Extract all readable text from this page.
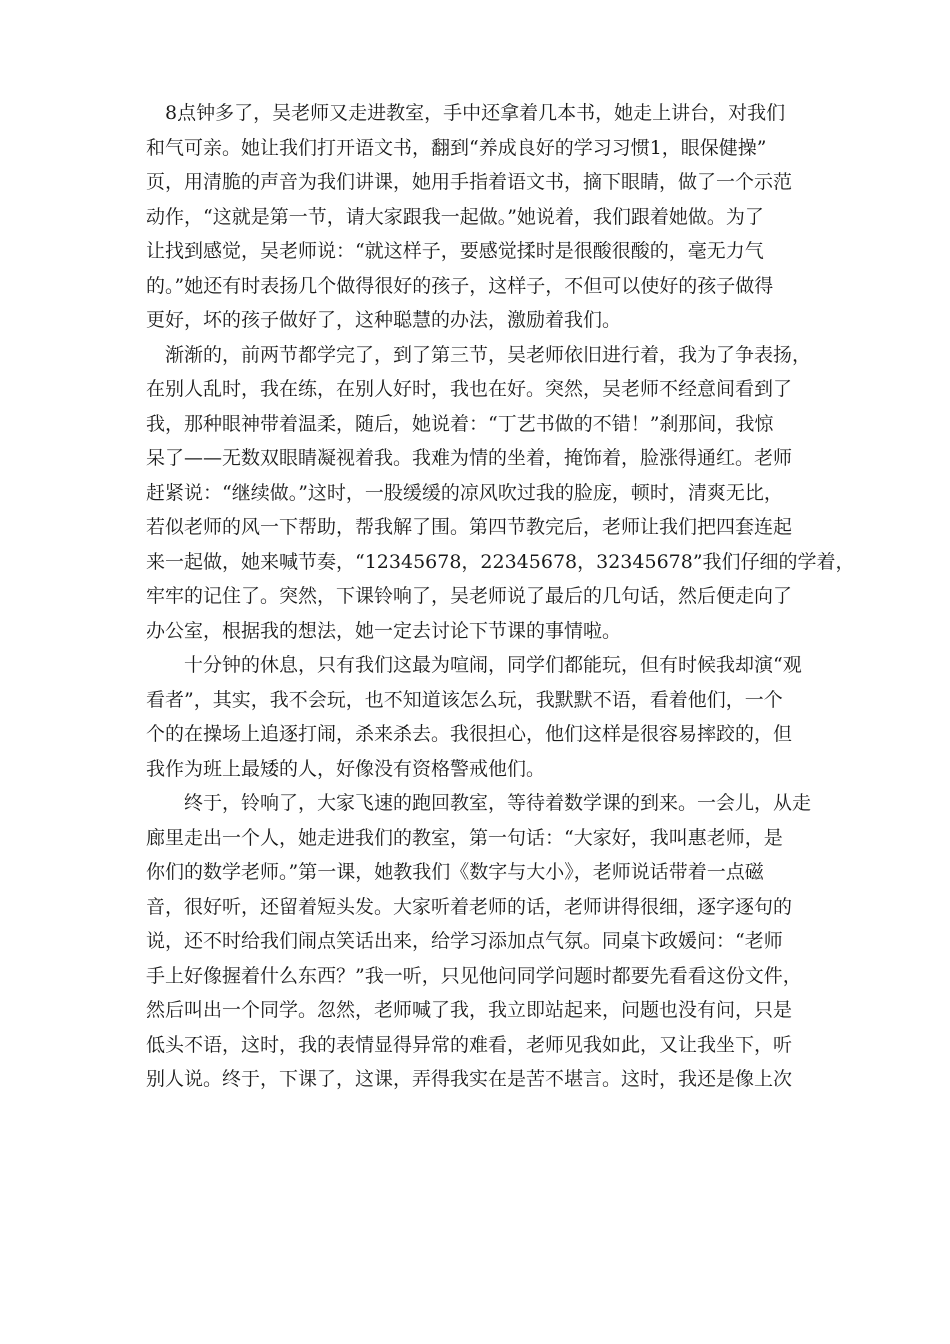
　8点钟多了，吴老师又走进教室，手中还拿着几本书，她走上讲台，对我们
和气可亲。她让我们打开语文书，翻到“养成良好的学习习惯1，眼保健操”
页，用清脆的声音为我们讲课，她用手指着语文书，摘下眼睛，做了一个示范
动作，“这就是第一节，请大家跟我一起做。”她说着，我们跟着她做。为了
让找到感觉，吴老师说：“就这样子，要感觉揉时是很酸很酸的，毫无力气
的。”她还有时表扬几个做得很好的孩子，这样子，不但可以使好的孩子做得
更好，坏的孩子做好了，这种聪慧的办法，激励着我们。
　渐渐的，前两节都学完了，到了第三节，吴老师依旧进行着，我为了争表扬，
在别人乱时，我在练，在别人好时，我也在好。突然，吴老师不经意间看到了
我，那种眼神带着温柔，随后，她说着：“丁艺书做的不错！”刹那间，我惊
呆了——无数双眼睛凝视着我。我难为情的坐着，掩饰着，脸涨得通红。老师
赶紧说：“继续做。”这时，一股缓缓的凉风吹过我的脸庞，顿时，清爽无比，
若似老师的风一下帮助，帮我解了围。第四节教完后，老师让我们把四套连起
来一起做，她来喊节奏，“12345678，22345678，32345678”我们仔细的学着，
牢牢的记住了。突然，下课铃响了，吴老师说了最后的几句话，然后便走向了
办公室，根据我的想法，她一定去讨论下节课的事情啦。
　　十分钟的休息，只有我们这最为喧闹，同学们都能玩，但有时候我却演“观
看者”，其实，我不会玩，也不知道该怎么玩，我默默不语，看着他们，一个
个的在操场上追逐打闹，杀来杀去。我很担心，他们这样是很容易摔跤的，但
我作为班上最矮的人，好像没有资格警戒他们。
　　终于，铃响了，大家飞速的跑回教室，等待着数学课的到来。一会儿，从走
廊里走出一个人，她走进我们的教室，第一句话：“大家好，我叫惠老师，是
你们的数学老师。”第一课，她教我们《数字与大小》，老师说话带着一点磁
音，很好听，还留着短头发。大家听着老师的话，老师讲得很细，逐字逐句的
说，还不时给我们闹点笑话出来，给学习添加点气氛。同桌卞政媛问：“老师
手上好像握着什么东西？”我一听，只见他问同学问题时都要先看看这份文件，
然后叫出一个同学。忽然，老师喊了我，我立即站起来，问题也没有问，只是
低头不语，这时，我的表情显得异常的难看，老师见我如此，又让我坐下，听
别人说。终于，下课了，这课，弄得我实在是苦不堪言。这时，我还是像上次
